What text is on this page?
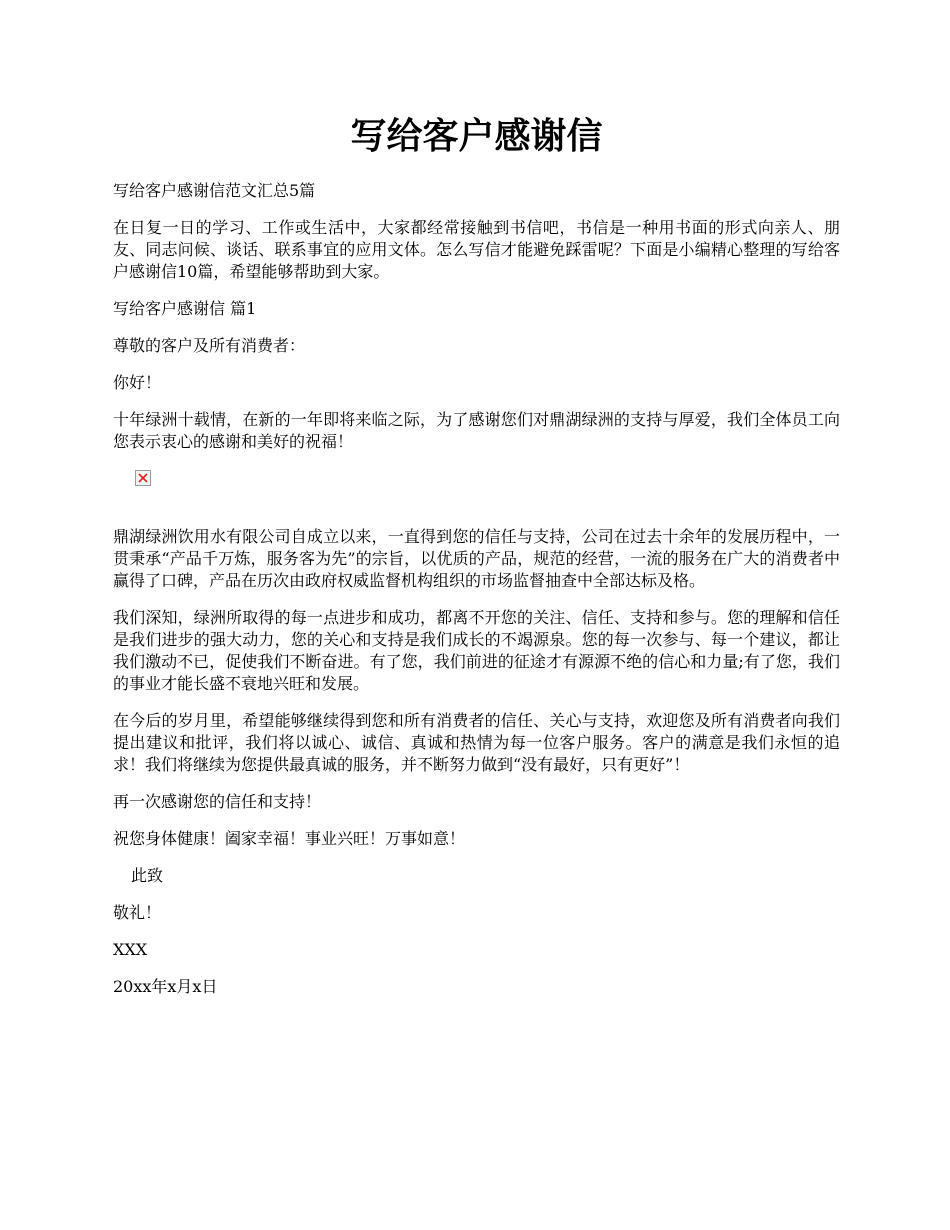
写给客户感谢信

写给客户感谢信范文汇总5篇

在日复一日的学习、工作或生活中，大家都经常接触到书信吧，书信是一种用书面的形式向亲人、朋友、同志问候、谈话、联系事宜的应用文体。怎么写信才能避免踩雷呢？下面是小编精心整理的写给客户感谢信10篇，希望能够帮助到大家。

写给客户感谢信 篇1

尊敬的客户及所有消费者：

你好！

十年绿洲十载情，在新的一年即将来临之际，为了感谢您们对鼎湖绿洲的支持与厚爱，我们全体员工向您表示衷心的感谢和美好的祝福！

鼎湖绿洲饮用水有限公司自成立以来，一直得到您的信任与支持，公司在过去十余年的发展历程中，一贯秉承“产品千万炼，服务客为先”的宗旨，以优质的产品，规范的经营，一流的服务在广大的消费者中赢得了口碑，产品在历次由政府权威监督机构组织的市场监督抽查中全部达标及格。

我们深知，绿洲所取得的每一点进步和成功，都离不开您的关注、信任、支持和参与。您的理解和信任是我们进步的强大动力，您的关心和支持是我们成长的不竭源泉。您的每一次参与、每一个建议，都让我们激动不已，促使我们不断奋进。有了您，我们前进的征途才有源源不绝的信心和力量;有了您，我们的事业才能长盛不衰地兴旺和发展。

在今后的岁月里，希望能够继续得到您和所有消费者的信任、关心与支持，欢迎您及所有消费者向我们提出建议和批评，我们将以诚心、诚信、真诚和热情为每一位客户服务。客户的满意是我们永恒的追求！我们将继续为您提供最真诚的服务，并不断努力做到“没有最好，只有更好”！

再一次感谢您的信任和支持！

祝您身体健康！阖家幸福！事业兴旺！万事如意！

此致

敬礼！

XXX

20xx年x月x日
